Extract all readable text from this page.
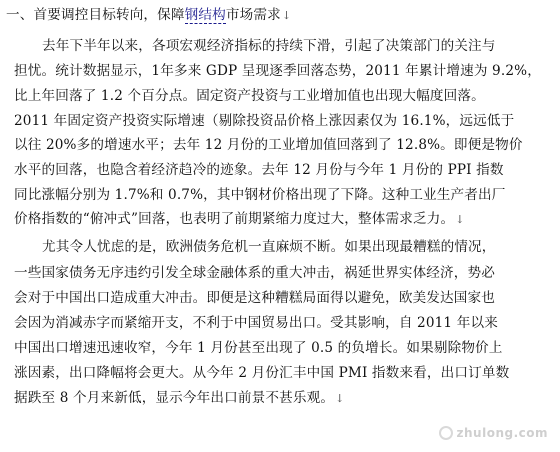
一、首要调控目标转向，保障钢结构市场需求↓
去年下半年以来，各项宏观经济指标的持续下滑，引起了决策部门的关注与
担忧。统计数据显示，1年多来 GDP 呈现逐季回落态势，2011 年累计增速为 9.2%，
比上年回落了 1.2 个百分点。固定资产投资与工业增加值也出现大幅度回落。
2011 年固定资产投资实际增速（剔除投资品价格上涨因素仅为 16.1%，远远低于
以往 20%多的增速水平；去年 12 月份的工业增加值回落到了 12.8%。即便是物价
水平的回落，也隐含着经济趋冷的迹象。去年 12 月份与今年 1 月份的 PPI 指数
同比涨幅分别为 1.7%和 0.7%，其中钢材价格出现了下降。这种工业生产者出厂
价格指数的“俯冲式”回落，也表明了前期紧缩力度过大，整体需求乏力。↓
尤其令人忧虑的是，欧洲债务危机一直麻烦不断。如果出现最糟糕的情况，
一些国家债务无序违约引发全球金融体系的重大冲击，祸延世界实体经济，势必
会对于中国出口造成重大冲击。即便是这种糟糕局面得以避免，欧美发达国家也
会因为消减赤字而紧缩开支，不利于中国贸易出口。受其影响，自 2011 年以来
中国出口增速迅速收窄，今年 1 月份甚至出现了 0.5 的负增长。如果剔除物价上
涨因素，出口降幅将会更大。从今年 2 月份汇丰中国 PMI 指数来看，出口订单数
据跌至 8 个月来新低，显示今年出口前景不甚乐观。↓
zhulong.com
